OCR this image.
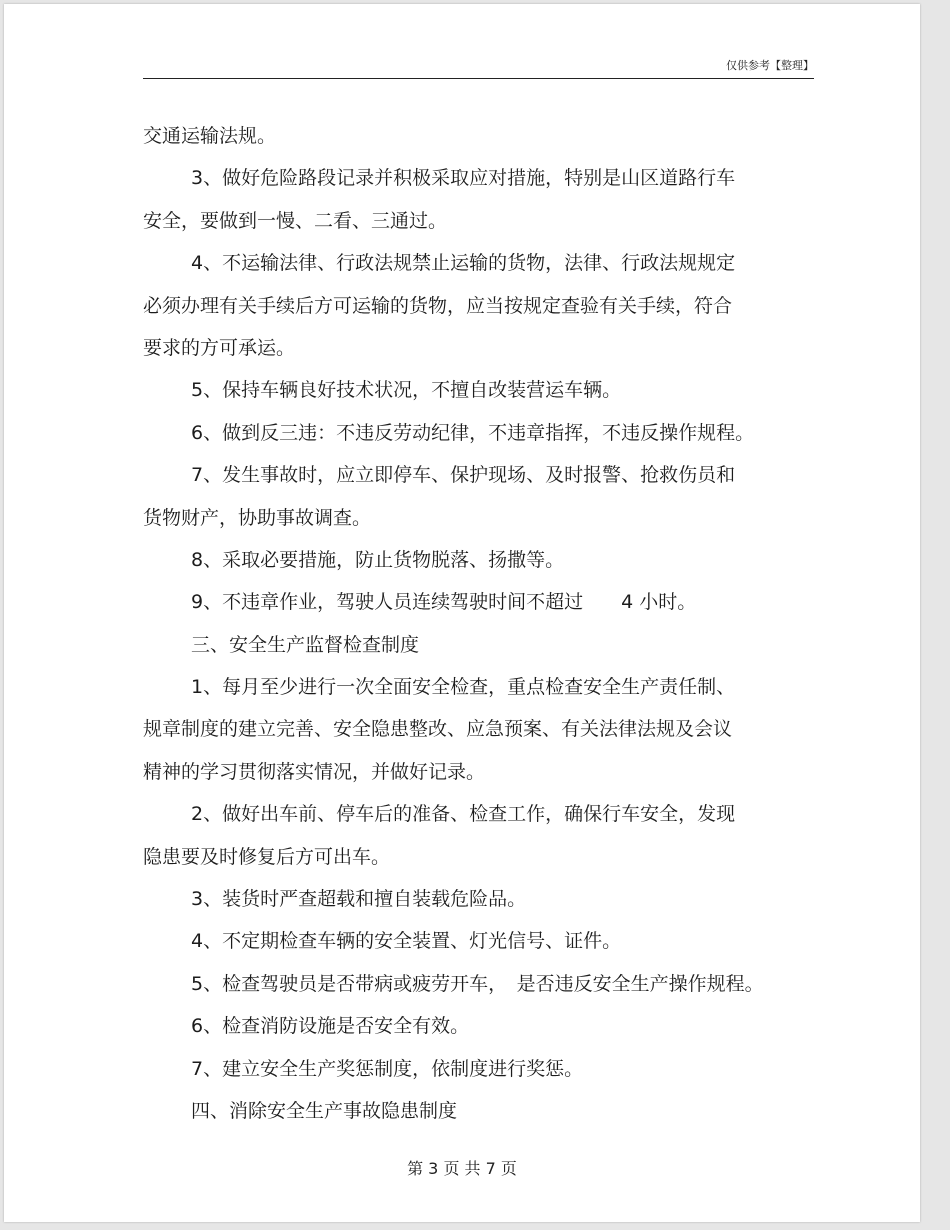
仅供参考【整理】
交通运输法规。
3、做好危险路段记录并积极采取应对措施，特别是山区道路行车
安全，要做到一慢、二看、三通过。
4、不运输法律、行政法规禁止运输的货物，法律、行政法规规定
必须办理有关手续后方可运输的货物，应当按规定查验有关手续，符合
要求的方可承运。
5、保持车辆良好技术状况，不擅自改装营运车辆。
6、做到反三违：不违反劳动纪律，不违章指挥，不违反操作规程。
7、发生事故时，应立即停车、保护现场、及时报警、抢救伤员和
货物财产，协助事故调查。
8、采取必要措施，防止货物脱落、扬撒等。
9、不违章作业，驾驶人员连续驾驶时间不超过　　4 小时。
三、安全生产监督检查制度
1、每月至少进行一次全面安全检查，重点检查安全生产责任制、
规章制度的建立完善、安全隐患整改、应急预案、有关法律法规及会议
精神的学习贯彻落实情况，并做好记录。
2、做好出车前、停车后的准备、检查工作，确保行车安全，发现
隐患要及时修复后方可出车。
3、装货时严查超载和擅自装载危险品。
4、不定期检查车辆的安全装置、灯光信号、证件。
5、检查驾驶员是否带病或疲劳开车，　是否违反安全生产操作规程。
6、检查消防设施是否安全有效。
7、建立安全生产奖惩制度，依制度进行奖惩。
四、消除安全生产事故隐患制度
第 3 页 共 7 页
